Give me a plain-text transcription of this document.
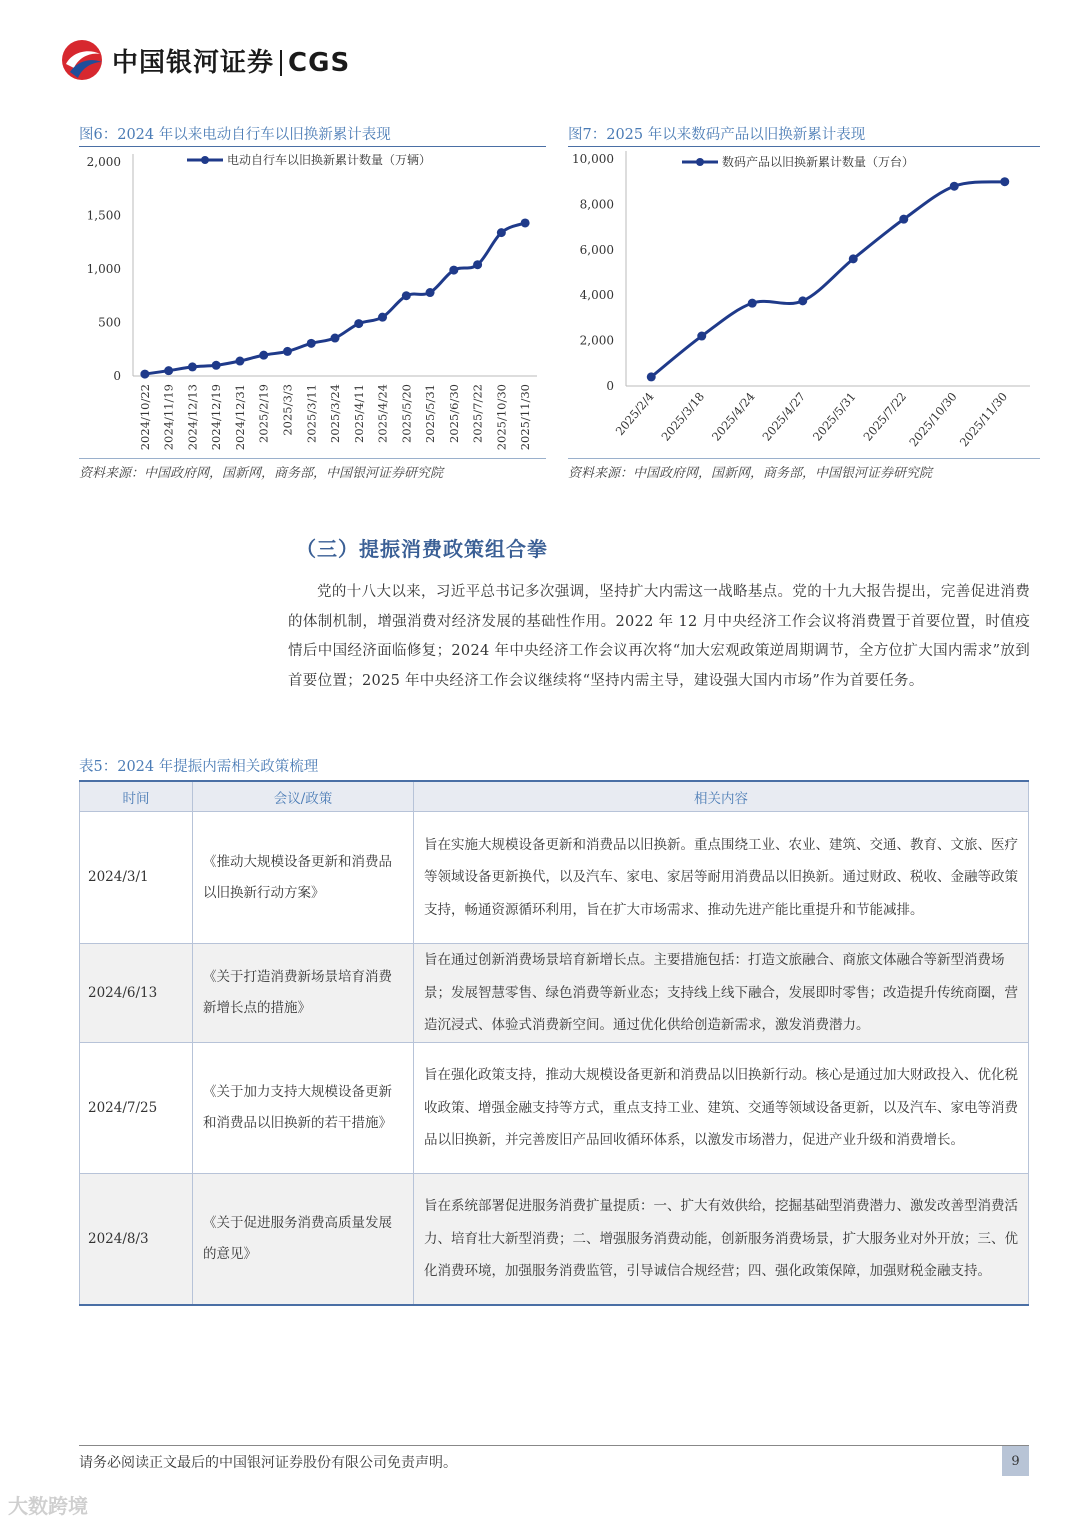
中国银河证券 CGS
图6：2024 年以来电动自行车以旧换新累计表现
0
500
1,000
1,500
2,000
2024/10/22 2024/11/19 2024/12/13 2024/12/19 2024/12/31 2025/2/19 2025/3/3 2025/3/11 2025/3/24 2025/4/11 2025/4/24 2025/5/20 2025/5/31 2025/6/30 2025/7/22 2025/10/30 2025/11/30
电动自行车以旧换新累计数量（万辆）
资料来源：中国政府网，国新网，商务部，中国银河证券研究院
图7：2025 年以来数码产品以旧换新累计表现
0
2,000
4,000
6,000
8,000
10,000
2025/2/4 2025/3/18 2025/4/24 2025/4/27 2025/5/31 2025/7/22
2025/10/30
2025/11/30
数码产品以旧换新累计数量（万台）
资料来源：中国政府网，国新网，商务部，中国银河证券研究院
（三）提振消费政策组合拳
党的十八大以来，习近平总书记多次强调，坚持扩大内需这一战略基点。党的十九大报告提出，完善促进消费的体制机制，增强消费对经济发展的基础性作用。2022 年 12 月中央经济工作会议将消费置于首要位置，时值疫情后中国经济面临修复；2024 年中央经济工作会议再次将“加大宏观政策逆周期调节，全方位扩大国内需求”放到首要位置；2025 年中央经济工作会议继续将“坚持内需主导，建设强大国内市场”作为首要任务。
表5：2024 年提振内需相关政策梳理
时间	会议/政策	相关内容
2024/3/1	《推动大规模设备更新和消费品以旧换新行动方案》	旨在实施大规模设备更新和消费品以旧换新。重点围绕工业、农业、建筑、交通、教育、文旅、医疗等领域设备更新换代，以及汽车、家电、家居等耐用消费品以旧换新。通过财政、税收、金融等政策支持，畅通资源循环利用，旨在扩大市场需求、推动先进产能比重提升和节能减排。
2024/6/13	《关于打造消费新场景培育消费新增长点的措施》	旨在通过创新消费场景培育新增长点。主要措施包括：打造文旅融合、商旅文体融合等新型消费场景；发展智慧零售、绿色消费等新业态；支持线上线下融合，发展即时零售；改造提升传统商圈，营造沉浸式、体验式消费新空间。通过优化供给创造新需求，激发消费潜力。
2024/7/25	《关于加力支持大规模设备更新和消费品以旧换新的若干措施》	旨在强化政策支持，推动大规模设备更新和消费品以旧换新行动。核心是通过加大财政投入、优化税收政策、增强金融支持等方式，重点支持工业、建筑、交通等领域设备更新，以及汽车、家电等消费品以旧换新，并完善废旧产品回收循环体系，以激发市场潜力，促进产业升级和消费增长。
2024/8/3	《关于促进服务消费高质量发展的意见》	旨在系统部署促进服务消费扩量提质：一、扩大有效供给，挖掘基础型消费潜力、激发改善型消费活力、培育壮大新型消费；二、增强服务消费动能，创新服务消费场景，扩大服务业对外开放；三、优化消费环境，加强服务消费监管，引导诚信合规经营；四、强化政策保障，加强财税金融支持。
请务必阅读正文最后的中国银河证券股份有限公司免责声明。	9
大数跨境
